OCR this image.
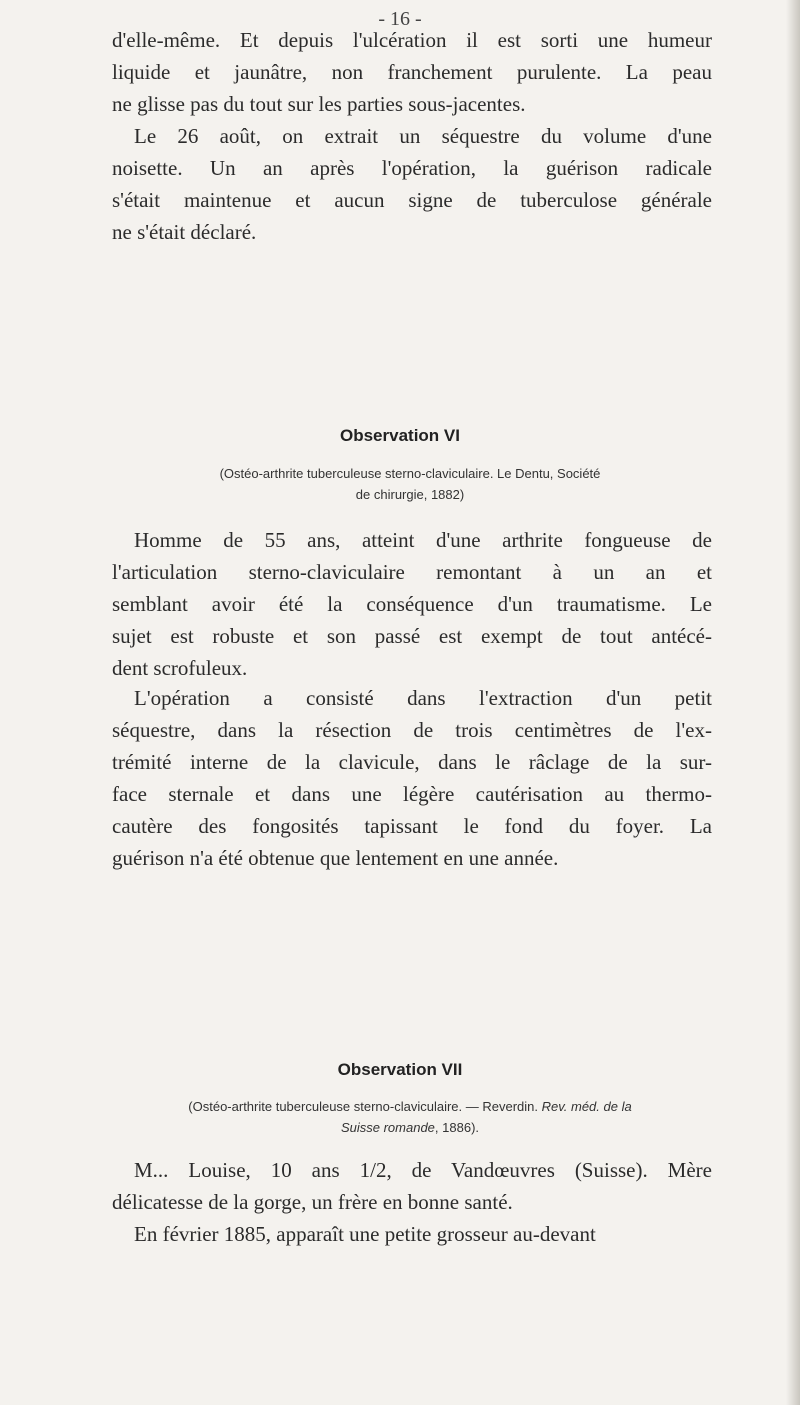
- 16 -
d'elle-même. Et depuis l'ulcération il est sorti une humeur
liquide et jaunâtre, non franchement purulente. La peau
ne glisse pas du tout sur les parties sous-jacentes.
Le 26 août, on extrait un séquestre du volume d'une
noisette. Un an après l'opération, la guérison radicale
s'était maintenue et aucun signe de tuberculose générale
ne s'était déclaré.
Observation VI
(Ostéo-arthrite tuberculeuse sterno-claviculaire. Le Dentu, Société
de chirurgie, 1882)
Homme de 55 ans, atteint d'une arthrite fongueuse de
l'articulation sterno-claviculaire remontant à un an et
semblant avoir été la conséquence d'un traumatisme. Le
sujet est robuste et son passé est exempt de tout antécé-
dent scrofuleux.
L'opération a consisté dans l'extraction d'un petit
séquestre, dans la résection de trois centimètres de l'ex-
trémité interne de la clavicule, dans le râclage de la sur-
face sternale et dans une légère cautérisation au thermo-
cautère des fongosités tapissant le fond du foyer. La
guérison n'a été obtenue que lentement en une année.
Observation VII
(Ostéo-arthrite tuberculeuse sterno-claviculaire. — Reverdin. Rev. méd. de la
Suisse romande, 1886).
M... Louise, 10 ans 1/2, de Vandœuvres (Suisse). Mère
délicatesse de la gorge, un frère en bonne santé.
En février 1885, apparaît une petite grosseur au-devant
